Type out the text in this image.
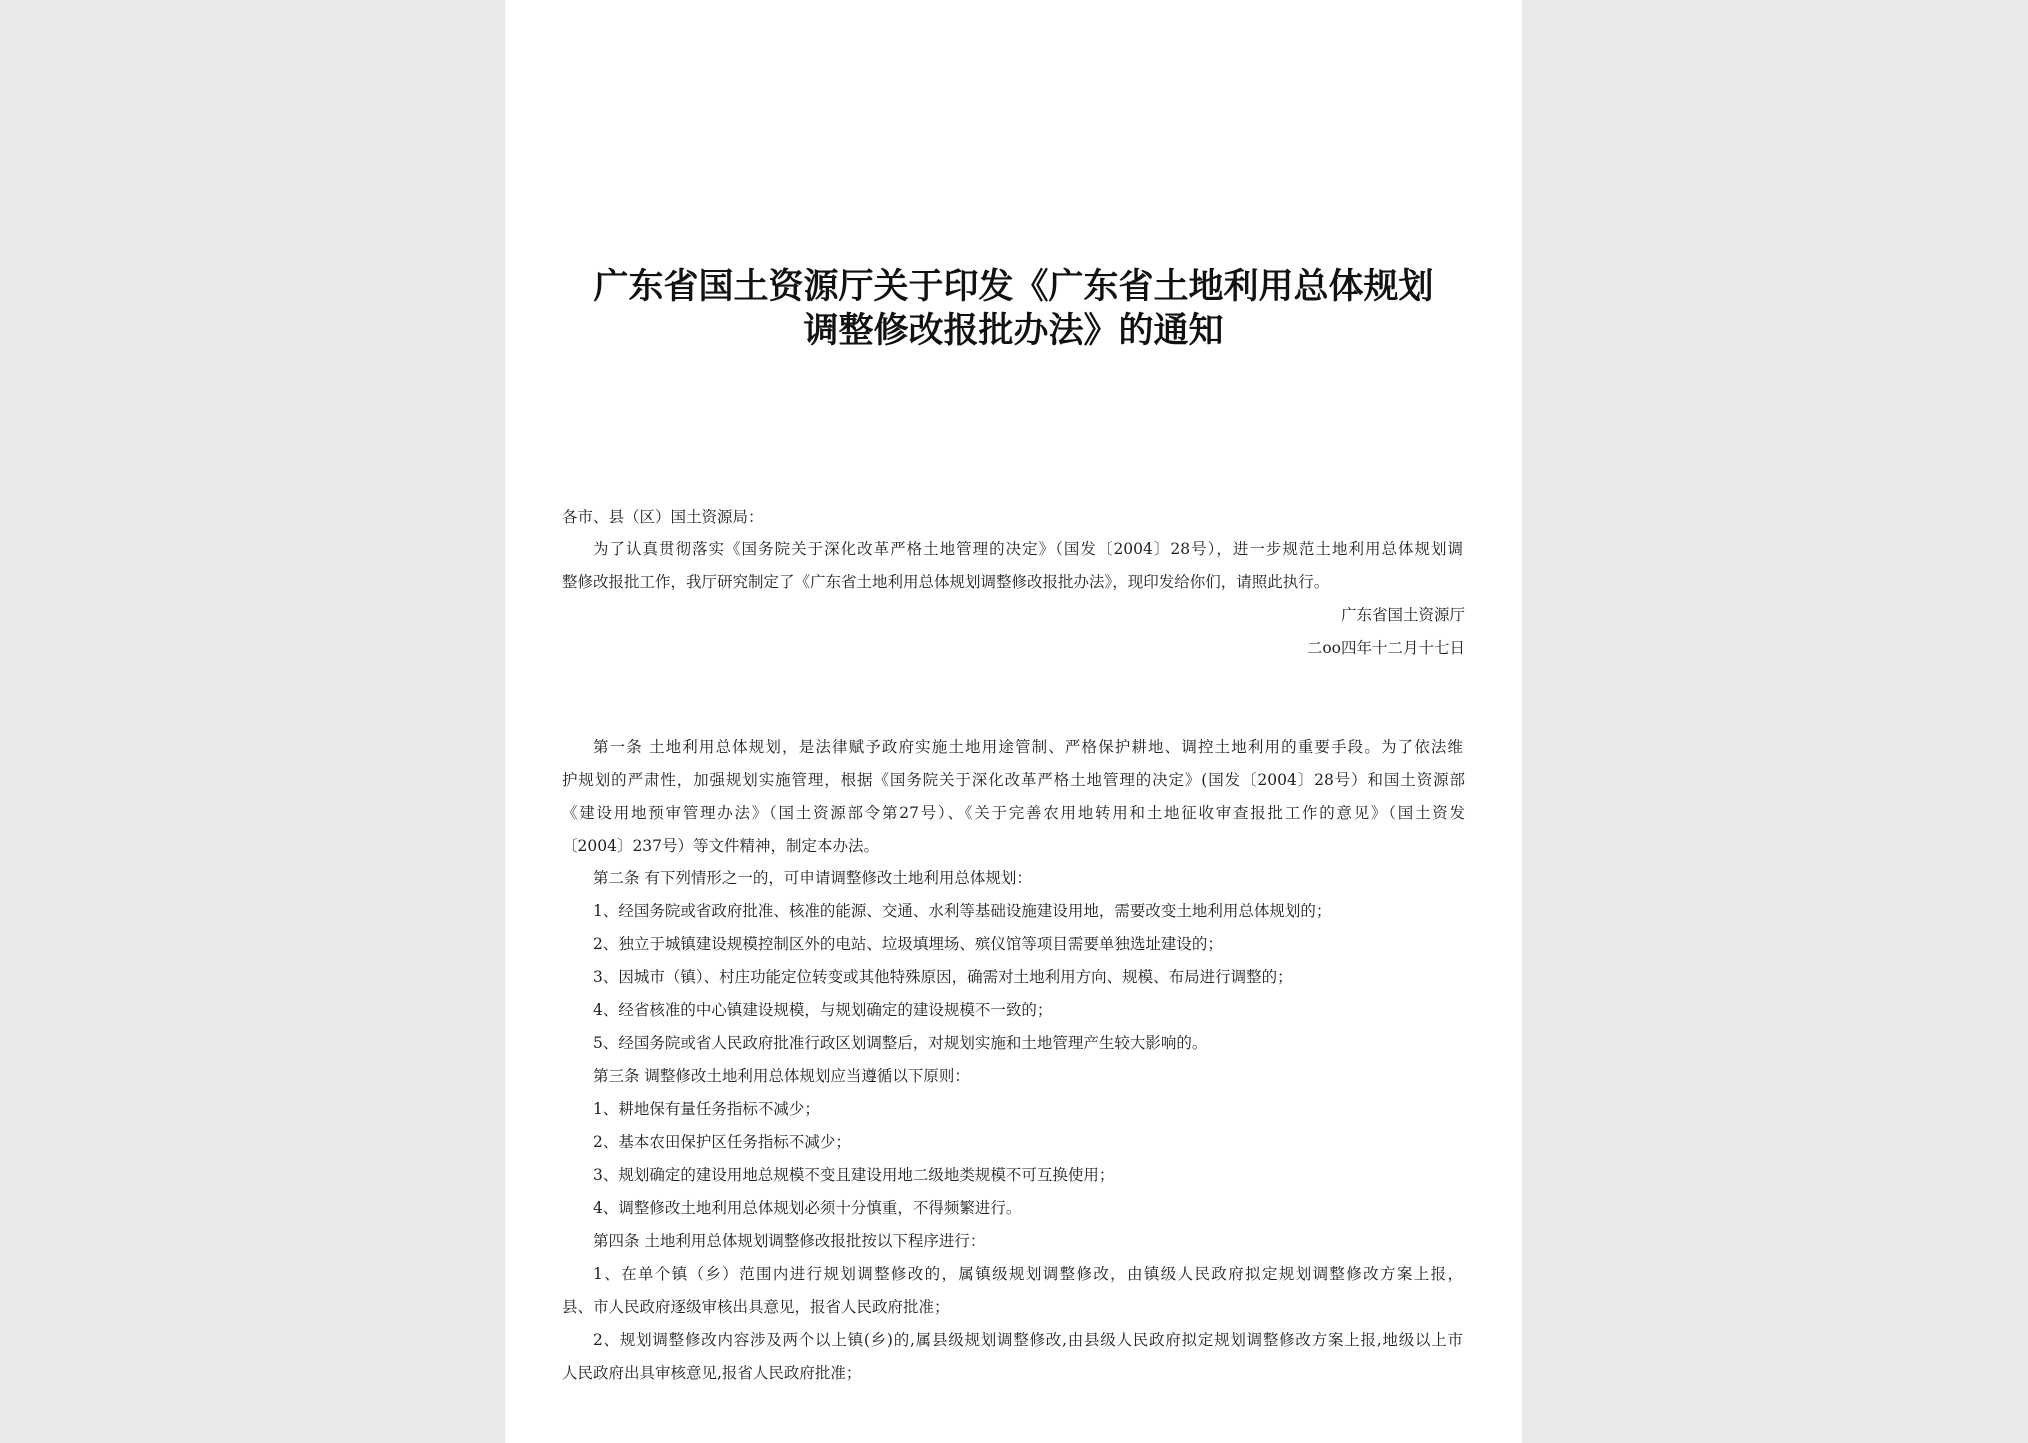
广东省国土资源厅关于印发《广东省土地利用总体规划
调整修改报批办法》的通知
各市、县（区）国土资源局：
为了认真贯彻落实《国务院关于深化改革严格土地管理的决定》（国发〔2004〕28号），进一步规范土地利用总体规划调
整修改报批工作，我厅研究制定了《广东省土地利用总体规划调整修改报批办法》，现印发给你们，请照此执行。
广东省国土资源厅
二oo四年十二月十七日
第一条 土地利用总体规划，是法律赋予政府实施土地用途管制、严格保护耕地、调控土地利用的重要手段。为了依法维
护规划的严肃性，加强规划实施管理，根据《国务院关于深化改革严格土地管理的决定》(国发〔2004〕28号）和国土资源部
《建设用地预审管理办法》（国土资源部令第27号）、《关于完善农用地转用和土地征收审查报批工作的意见》（国土资发
〔2004〕237号）等文件精神，制定本办法。
第二条 有下列情形之一的，可申请调整修改土地利用总体规划：
1、经国务院或省政府批准、核准的能源、交通、水利等基础设施建设用地，需要改变土地利用总体规划的；
2、独立于城镇建设规模控制区外的电站、垃圾填埋场、殡仪馆等项目需要单独选址建设的；
3、因城市（镇）、村庄功能定位转变或其他特殊原因，确需对土地利用方向、规模、布局进行调整的；
4、经省核准的中心镇建设规模，与规划确定的建设规模不一致的；
5、经国务院或省人民政府批准行政区划调整后，对规划实施和土地管理产生较大影响的。
第三条 调整修改土地利用总体规划应当遵循以下原则：
1、耕地保有量任务指标不减少；
2、基本农田保护区任务指标不减少；
3、规划确定的建设用地总规模不变且建设用地二级地类规模不可互换使用；
4、调整修改土地利用总体规划必须十分慎重，不得频繁进行。
第四条 土地利用总体规划调整修改报批按以下程序进行：
1、在单个镇（乡）范围内进行规划调整修改的，属镇级规划调整修改，由镇级人民政府拟定规划调整修改方案上报，
县、市人民政府逐级审核出具意见，报省人民政府批准；
2、规划调整修改内容涉及两个以上镇(乡)的,属县级规划调整修改,由县级人民政府拟定规划调整修改方案上报,地级以上市
人民政府出具审核意见,报省人民政府批准；
